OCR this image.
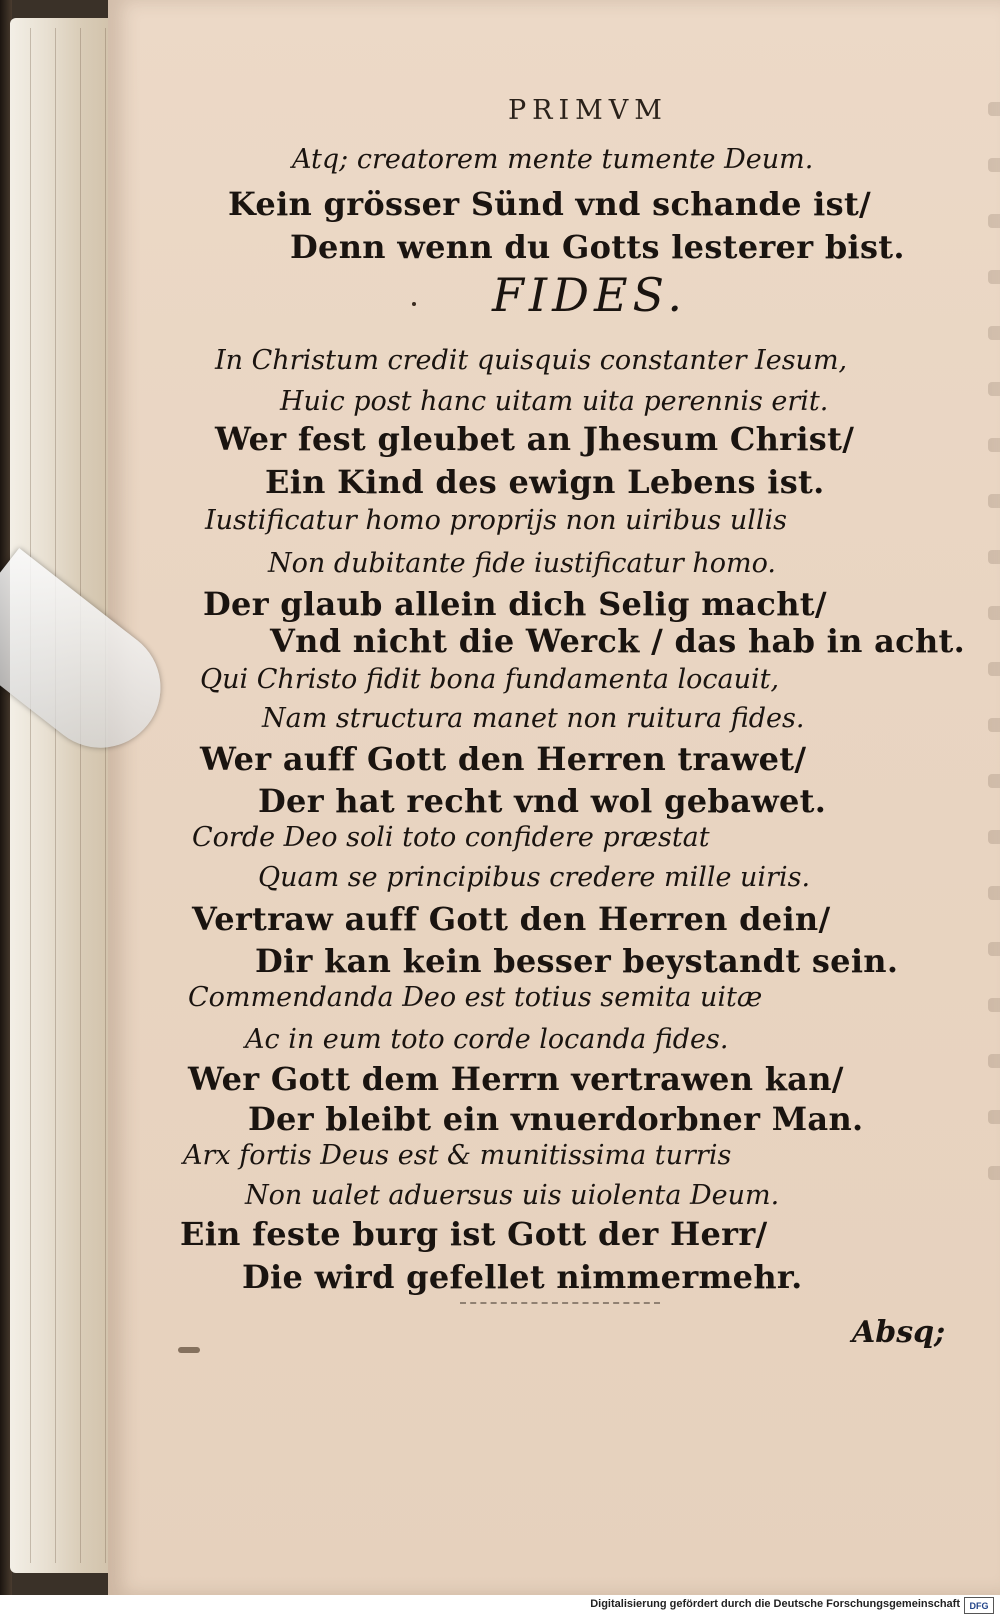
PRIMVM

Atq; creatorem mente tumente Deum.

Kein grösser Sünd vnd schande ist/

Denn wenn du Gotts lesterer bist.

FIDES.

In Christum credit quisquis constanter Iesum,

Huic post hanc uitam uita perennis erit.

Wer fest gleubet an Jhesum Christ/

Ein Kind des ewign Lebens ist.

Iustificatur homo proprijs non uiribus ullis

Non dubitante fide iustificatur homo.

Der glaub allein dich Selig macht/

Vnd nicht die Werck / das hab in acht.

Qui Christo fidit bona fundamenta locauit,

Nam structura manet non ruitura fides.

Wer auff Gott den Herren trawet/

Der hat recht vnd wol gebawet.

Corde Deo soli toto confidere præstat

Quam se principibus credere mille uiris.

Vertraw auff Gott den Herren dein/

Dir kan kein besser beystandt sein.

Commendanda Deo est totius semita uitæ

Ac in eum toto corde locanda fides.

Wer Gott dem Herrn vertrawen kan/

Der bleibt ein vnuerdorbner Man.

Arx fortis Deus est & munitissima turris

Non ualet aduersus uis uiolenta Deum.

Ein feste burg ist Gott der Herr/

Die wird gefellet nimmermehr.

Absq;

Digitalisierung gefördert durch die Deutsche Forschungsgemeinschaft	DFG
